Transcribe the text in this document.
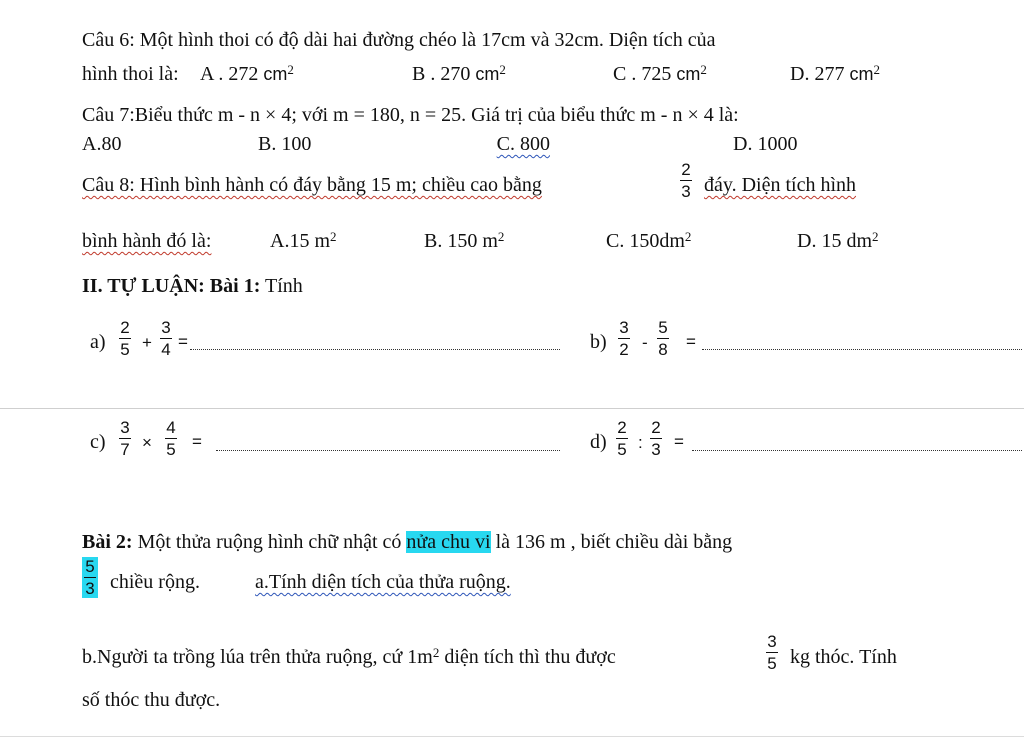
Câu 6: Một hình thoi có độ dài hai đường chéo là 17cm và 32cm. Diện tích của
hình thoi là: A . 272 $cm^2$	B . 270 $cm^2$	C . 725 $cm^2$	D. 277 $cm^2$
Câu 7:Biểu thức m - n × 4; với m = 180, n = 25. Giá trị của biểu thức m - n × 4 là:
A.80	B. 100	C. 800	D. 1000
Câu 8: Hình bình hành có đáy bằng 15 m; chiều cao bằng
2
3 đáy. Diện tích hình
bình hành đó là:	A.15 $m^2$	B. 150 $m^2$	C. $150dm^2$	D. 15 $dm^2$
II. TỰ LUẬN: Bài 1: Tính
a)
2
5 +
3
4 =	b)
3
2 -
5
8 =
c)
3
7 ×
4
5 =	d)
2
5 :
2
3 =
Bài 2: Một thửa ruộng hình chữ nhật có nửa chu vi là 136 m , biết chiều dài bằng
5
3 chiều rộng.	a.Tính diện tích của thửa ruộng.
b.Người ta trồng lúa trên thửa ruộng, cứ $1m^2$ diện tích thì thu được
3
5 kg thóc. Tính
số thóc thu được.
